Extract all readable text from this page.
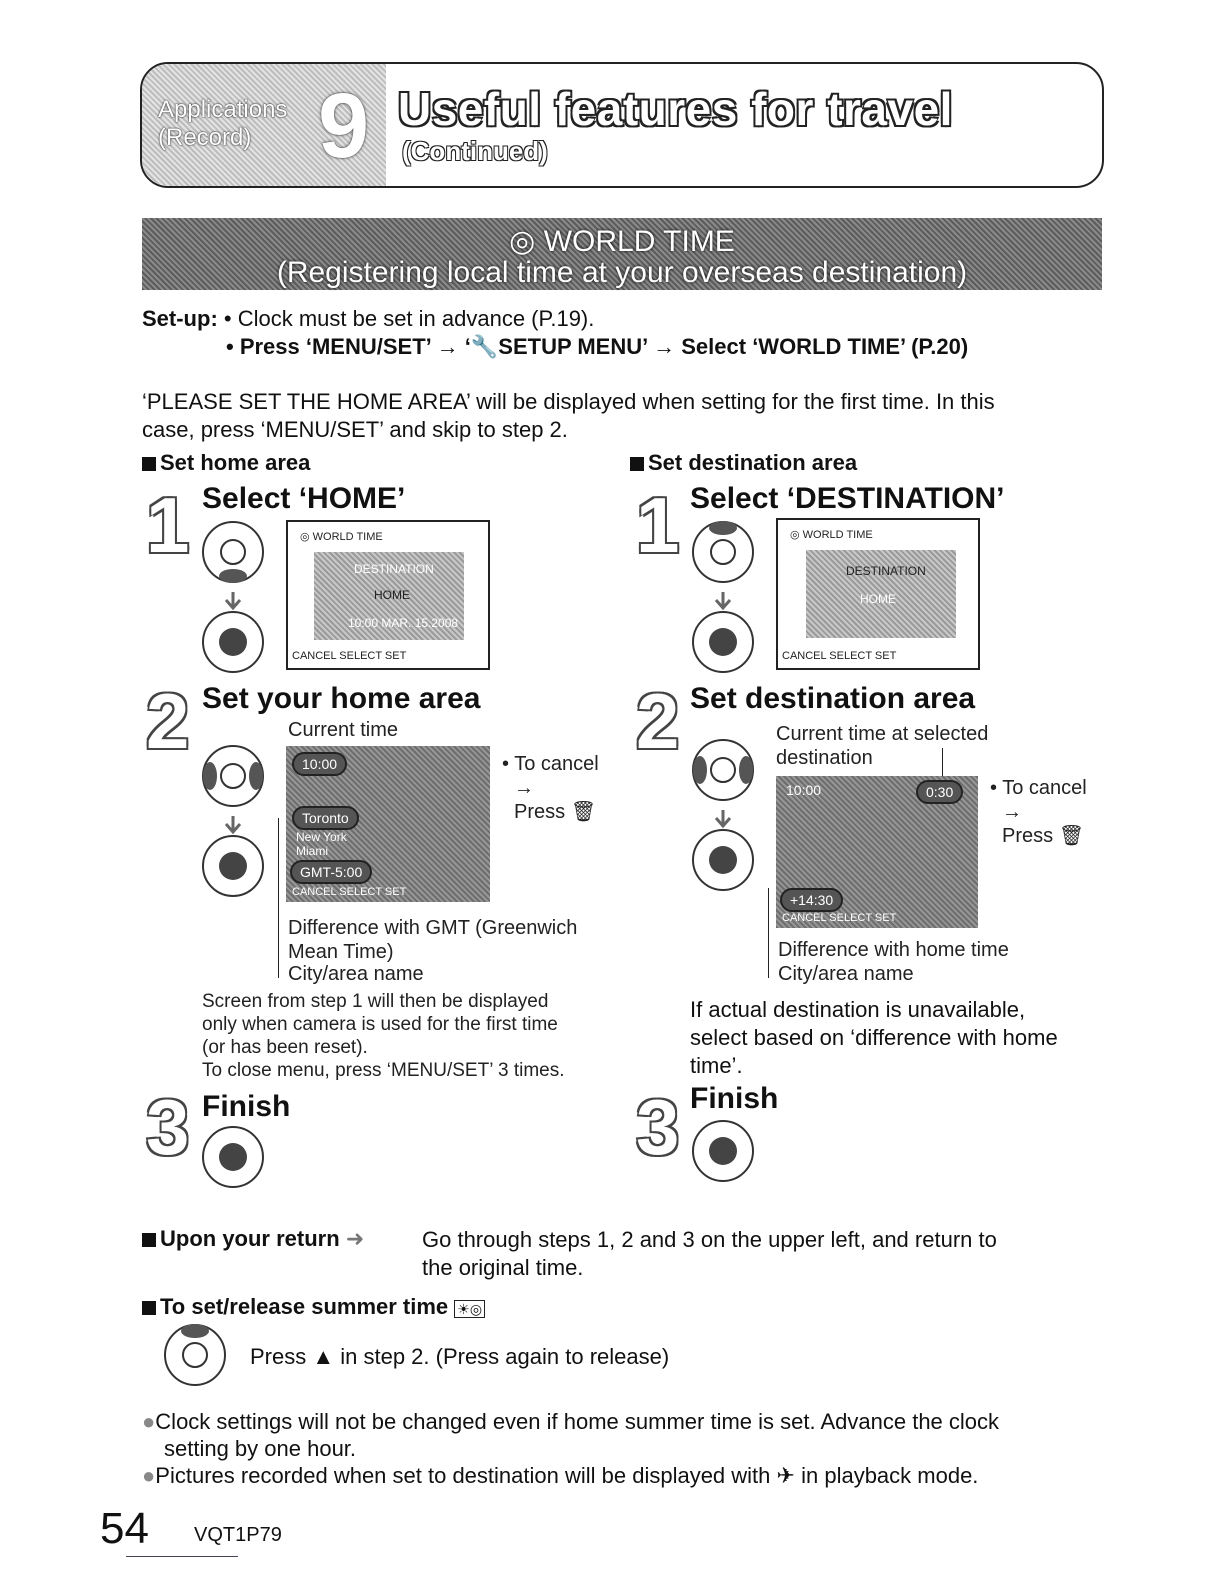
Applications
(Record) 9 Useful features for travel
(Continued)
◎ WORLD TIME
(Registering local time at your overseas destination)
Set-up: • Clock must be set in advance (P.19).
• Press ‘MENU/SET’ → ‘🔧SETUP MENU’ → Select ‘WORLD TIME’ (P.20)
‘PLEASE SET THE HOME AREA’ will be displayed when setting for the first time. In this
case, press ‘MENU/SET’ and skip to step 2.
Set home area
1 Select ‘HOME’
◎ WORLD TIME
DESTINATION
HOME
10:00 MAR. 15.2008
CANCEL SELECT SET
2 Set your home area
Current time
10:00
Toronto
New York
Miami
GMT-5:00
CANCEL SELECT SET
• To cancel
→
Press 🗑
Difference with GMT (Greenwich
Mean Time)
City/area name
Screen from step 1 will then be displayed
only when camera is used for the first time
(or has been reset).
To close menu, press ‘MENU/SET’ 3 times.
3 Finish
Set destination area
1 Select ‘DESTINATION’
◎ WORLD TIME
DESTINATION
HOME
CANCEL SELECT SET
2 Set destination area
Current time at selected
destination
10:00	0:30
+14:30
CANCEL SELECT SET
• To cancel
→
Press 🗑
Difference with home time
City/area name
If actual destination is unavailable,
select based on ‘difference with home
time’.
3 Finish
Upon your return ➜	Go through steps 1, 2 and 3 on the upper left, and return to
the original time.
To set/release summer time ☀◎
Press ▲ in step 2. (Press again to release)
●Clock settings will not be changed even if home summer time is set. Advance the clock
setting by one hour.
●Pictures recorded when set to destination will be displayed with ✈ in playback mode.
54 VQT1P79
